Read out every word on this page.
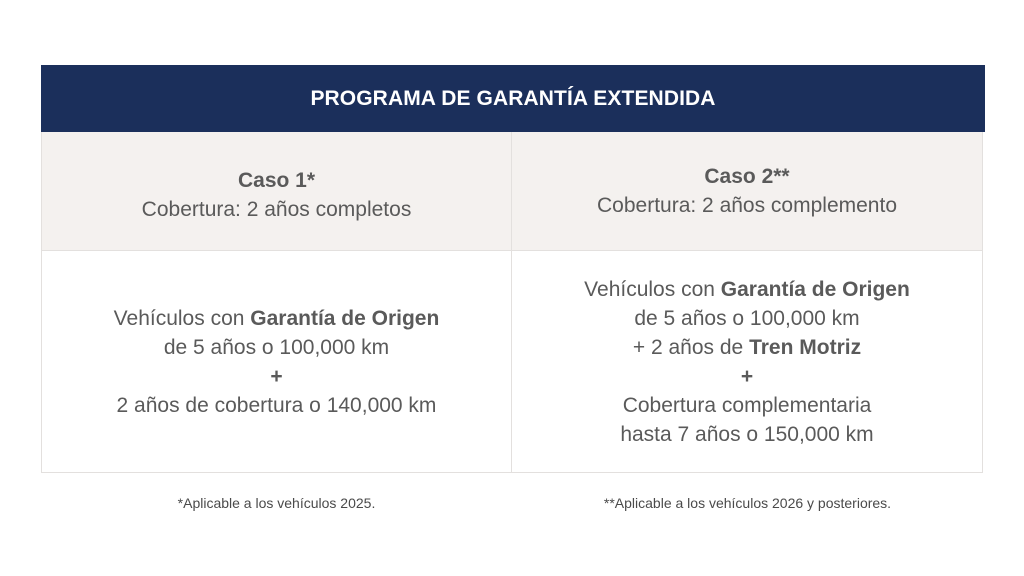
PROGRAMA DE GARANTÍA EXTENDIDA
Caso 1*
Cobertura: 2 años completos
Caso 2**
Cobertura: 2 años complemento
Vehículos con Garantía de Origen
de 5 años o 100,000 km
+
2 años de cobertura o 140,000 km
Vehículos con Garantía de Origen
de 5 años o 100,000 km
+ 2 años de Tren Motriz
+
Cobertura complementaria
hasta 7 años o 150,000 km
*Aplicable a los vehículos 2025.	**Aplicable a los vehículos 2026 y posteriores.
